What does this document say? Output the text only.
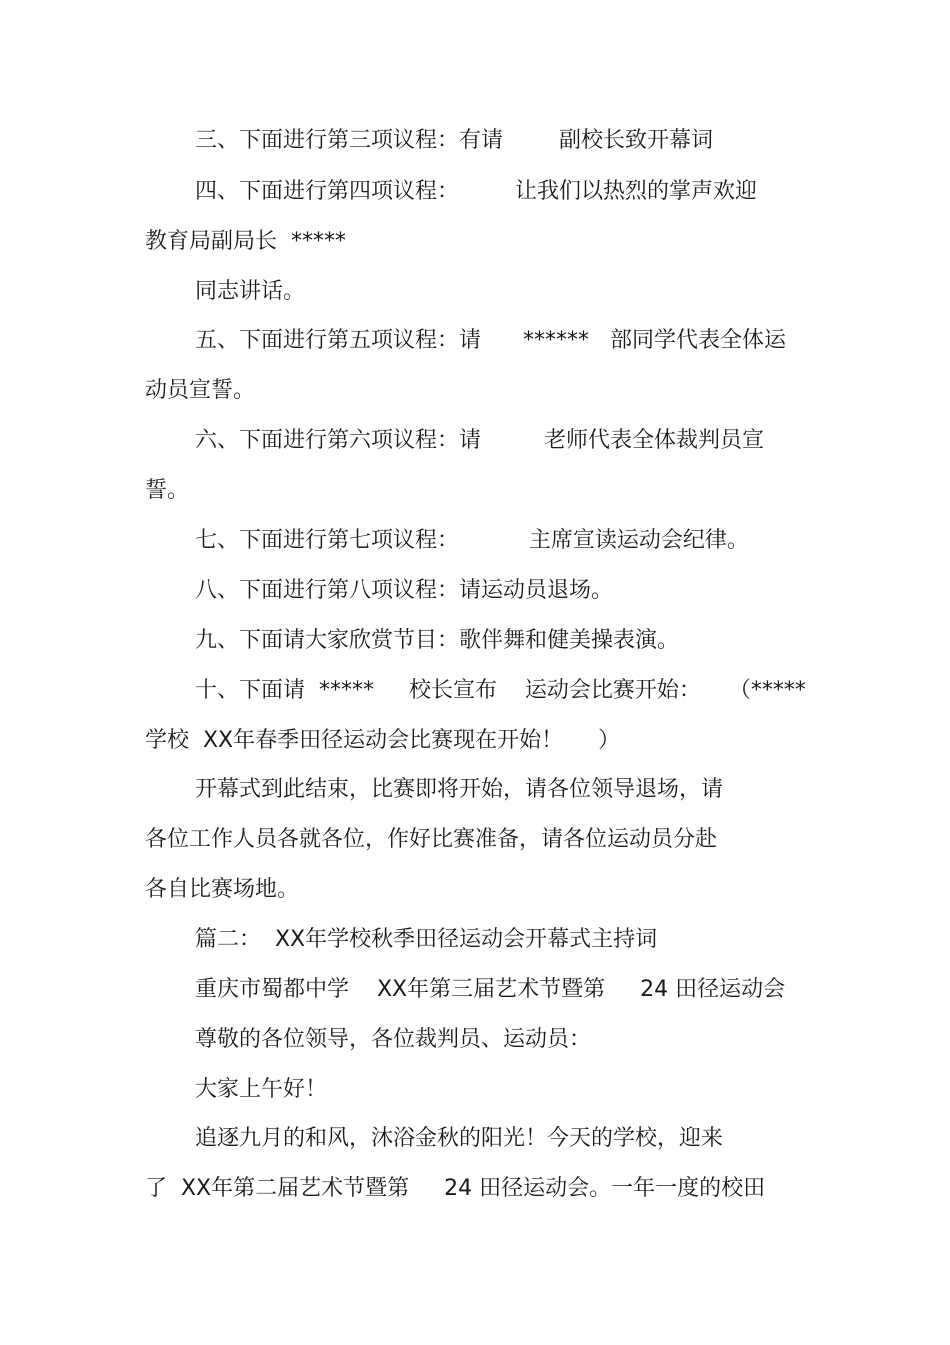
三、下面进行第三项议程：有请        副校长致开幕词
四、下面进行第四项议程：        让我们以热烈的掌声欢迎
教育局副局长  *****
同志讲话。
五、下面进行第五项议程：请      ******   部同学代表全体运
动员宣誓。
六、下面进行第六项议程：请         老师代表全体裁判员宣
誓。
七、下面进行第七项议程：          主席宣读运动会纪律。
八、下面进行第八项议程：请运动员退场。
九、下面请大家欣赏节目：歌伴舞和健美操表演。
十、下面请  *****     校长宣布    运动会比赛开始：    （*****
学校  XX年春季田径运动会比赛现在开始！     ）
开幕式到此结束，比赛即将开始，请各位领导退场，请
各位工作人员各就各位，作好比赛准备，请各位运动员分赴
各自比赛场地。
篇二：  XX年学校秋季田径运动会开幕式主持词
重庆市蜀都中学    XX年第三届艺术节暨第     24 田径运动会
尊敬的各位领导，各位裁判员、运动员：
大家上午好！
追逐九月的和风，沐浴金秋的阳光！今天的学校，迎来
了  XX年第二届艺术节暨第     24 田径运动会。一年一度的校田
